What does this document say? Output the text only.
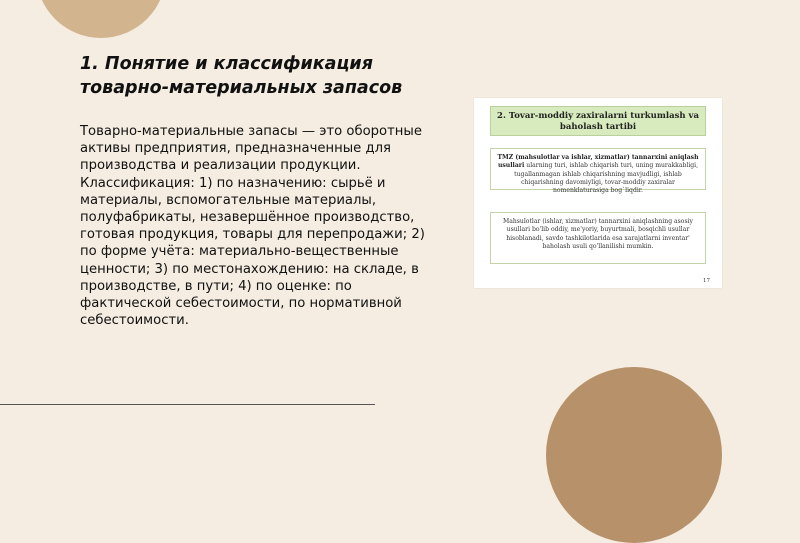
1. Понятие и классификация товарно-материальных запасов

Товарно-материальные запасы — это оборотные активы предприятия, предназначенные для производства и реализации продукции. Классификация: 1) по назначению: сырьё и материалы, вспомогательные материалы, полуфабрикаты, незавершённое производство, готовая продукция, товары для перепродажи; 2) по форме учёта: материально-вещественные ценности; 3) по местонахождению: на складе, в производстве, в пути; 4) по оценке: по фактической себестоимости, по нормативной себестоимости.

2. Tovar-moddiy zaxiralarni turkumlash va baholash tartibi
TMZ (mahsulotlar va ishlar, xizmatlar) tannarxini aniqlash usullari ularning turi, ishlab chiqarish turi, uning murakkabligi, tugallanmagan ishlab chiqarishning mavjudligi, ishlab chiqarishning davomiyligi, tovar-moddiy zaxiralar nomenklaturasiga bog`liqdir.
Mahsulotlar (ishlar, xizmatlar) tannarxini aniqlashning asosiy usullari bo'lib oddiy, me'yoriy, buyurtmali, bosqichli usullar hisoblanadi, savdo tashkilotlarida esa xarajatlarni inventar' baholash usuli qo'llanilishi mumkin.
17
